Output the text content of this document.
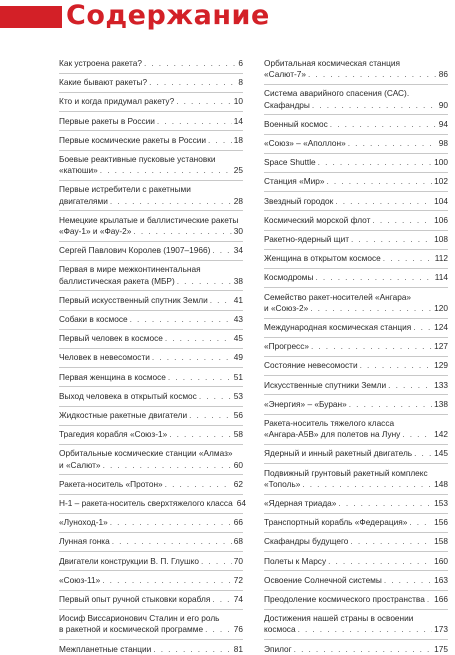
Содержание
Как устроена ракета? . . .	6
Какие бывают ракеты? . . .	8
Кто и когда придумал ракету? . . .	10
Первые ракеты в России . . .	14
Первые космические ракеты в России . . .	18
Боевые реактивные пусковые установки
«катюши» . . .	25
Первые истребители с ракетными
двигателями . . .	28
Немецкие крылатые и баллистические ракеты
«Фау-1» и «Фау-2» . . .	30
Сергей Павлович Королев (1907–1966) . . .	34
Первая в мире межконтинентальная
баллистическая ракета (МБР) . . .	38
Первый искусственный спутник Земли . . .	41
Собаки в космосе . . .	43
Первый человек в космосе . . .	45
Человек в невесомости . . .	49
Первая женщина в космосе . . .	51
Выход человека в открытый космос . . .	53
Жидкостные ракетные двигатели . . .	56
Трагедия корабля «Союз-1» . . .	58
Орбитальные космические станции «Алмаз»
и «Салют» . . .	60
Ракета-носитель «Протон» . . .	62
Н-1 – ракета-носитель сверхтяжелого класса 64
«Луноход-1» . . .	66
Лунная гонка . . .	68
Двигатели конструкции В. П. Глушко . . .	70
«Союз-11» . . .	72
Первый опыт ручной стыковки корабля . . .	74
Иосиф Виссарионович Сталин и его роль
в ракетной и космической программе . . .	76
Межпланетные станции . . .	81
Орбитальная космическая станция
«Салют-7» . . .	86
Система аварийного спасения (САС).
Скафандры . . .	90
Военный космос . . .	94
«Союз» – «Аполлон» . . .	98
Space Shuttle . . .	100
Станция «Мир» . . .	102
Звездный городок . . .	104
Космический морской флот . . .	106
Ракетно-ядерный щит . . .	108
Женщина в открытом космосе . . .	112
Космодромы . . .	114
Семейство ракет-носителей «Ангара»
и «Союз-2» . . .	120
Международная космическая станция . . .	124
«Прогресс» . . .	127
Состояние невесомости . . .	129
Искусственные спутники Земли . . .	133
«Энергия» – «Буран» . . .	138
Ракета-носитель тяжелого класса
«Ангара-А5В» для полетов на Луну . . .	142
Ядерный и инный ракетный двигатель . . .	145
Подвижный грунтовый ракетный комплекс
«Тополь» . . .	148
«Ядерная триада» . . .	153
Транспортный корабль «Федерация» . . .	156
Скафандры будущего . . .	158
Полеты к Марсу . . .	160
Освоение Солнечной системы . . .	163
Преодоление космического пространства . . . 166
Достижения нашей страны в освоении
космоса . . .	173
Эпилог . . .	175
